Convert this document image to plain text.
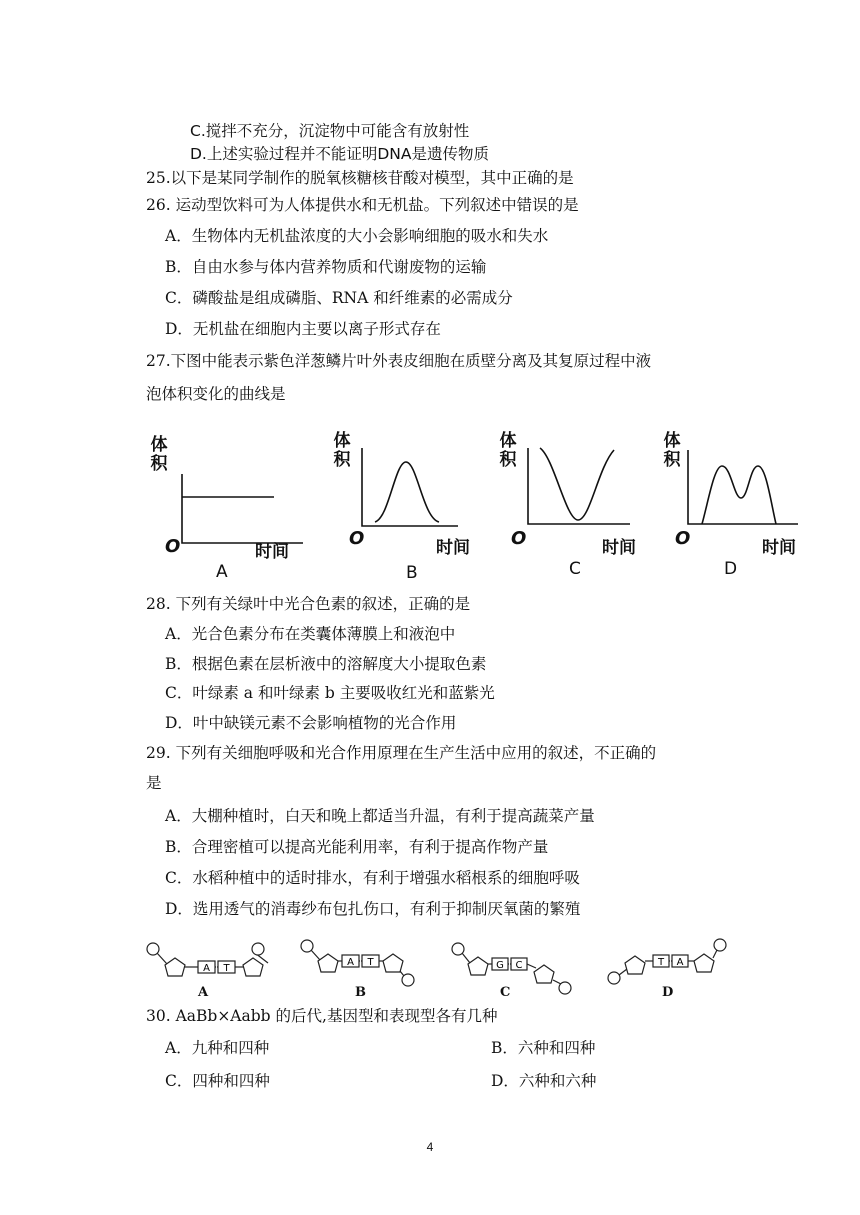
C.搅拌不充分，沉淀物中可能含有放射性
D.上述实验过程并不能证明DNA是遗传物质
25.以下是某同学制作的脱氧核糖核苷酸对模型，其中正确的是
26. 运动型饮料可为人体提供水和无机盐。下列叙述中错误的是
A．生物体内无机盐浓度的大小会影响细胞的吸水和失水
B．自由水参与体内营养物质和代谢废物的运输
C．磷酸盐是组成磷脂、RNA 和纤维素的必需成分
D．无机盐在细胞内主要以离子形式存在
27.下图中能表示紫色洋葱鳞片叶外表皮细胞在质壁分离及其复原过程中液
泡体积变化的曲线是
体积
O	时间
A
体积
O	时间
B
体积
O	时间
C
体积
O	时间
D
28. 下列有关绿叶中光合色素的叙述，正确的是
A．光合色素分布在类囊体薄膜上和液泡中
B．根据色素在层析液中的溶解度大小提取色素
C．叶绿素 a 和叶绿素 b 主要吸收红光和蓝紫光
D．叶中缺镁元素不会影响植物的光合作用
29. 下列有关细胞呼吸和光合作用原理在生产生活中应用的叙述，不正确的
是
A．大棚种植时，白天和晚上都适当升温，有利于提高蔬菜产量
B．合理密植可以提高光能利用率，有利于提高作物产量
C．水稻种植中的适时排水，有利于增强水稻根系的细胞呼吸
D．选用透气的消毒纱布包扎伤口，有利于抑制厌氧菌的繁殖
A T
A
A T
B
G C
C
T A
D
30. AaBb×Aabb 的后代,基因型和表现型各有几种
A．九种和四种	B．六种和四种
C．四种和四种	D．六种和六种
4
